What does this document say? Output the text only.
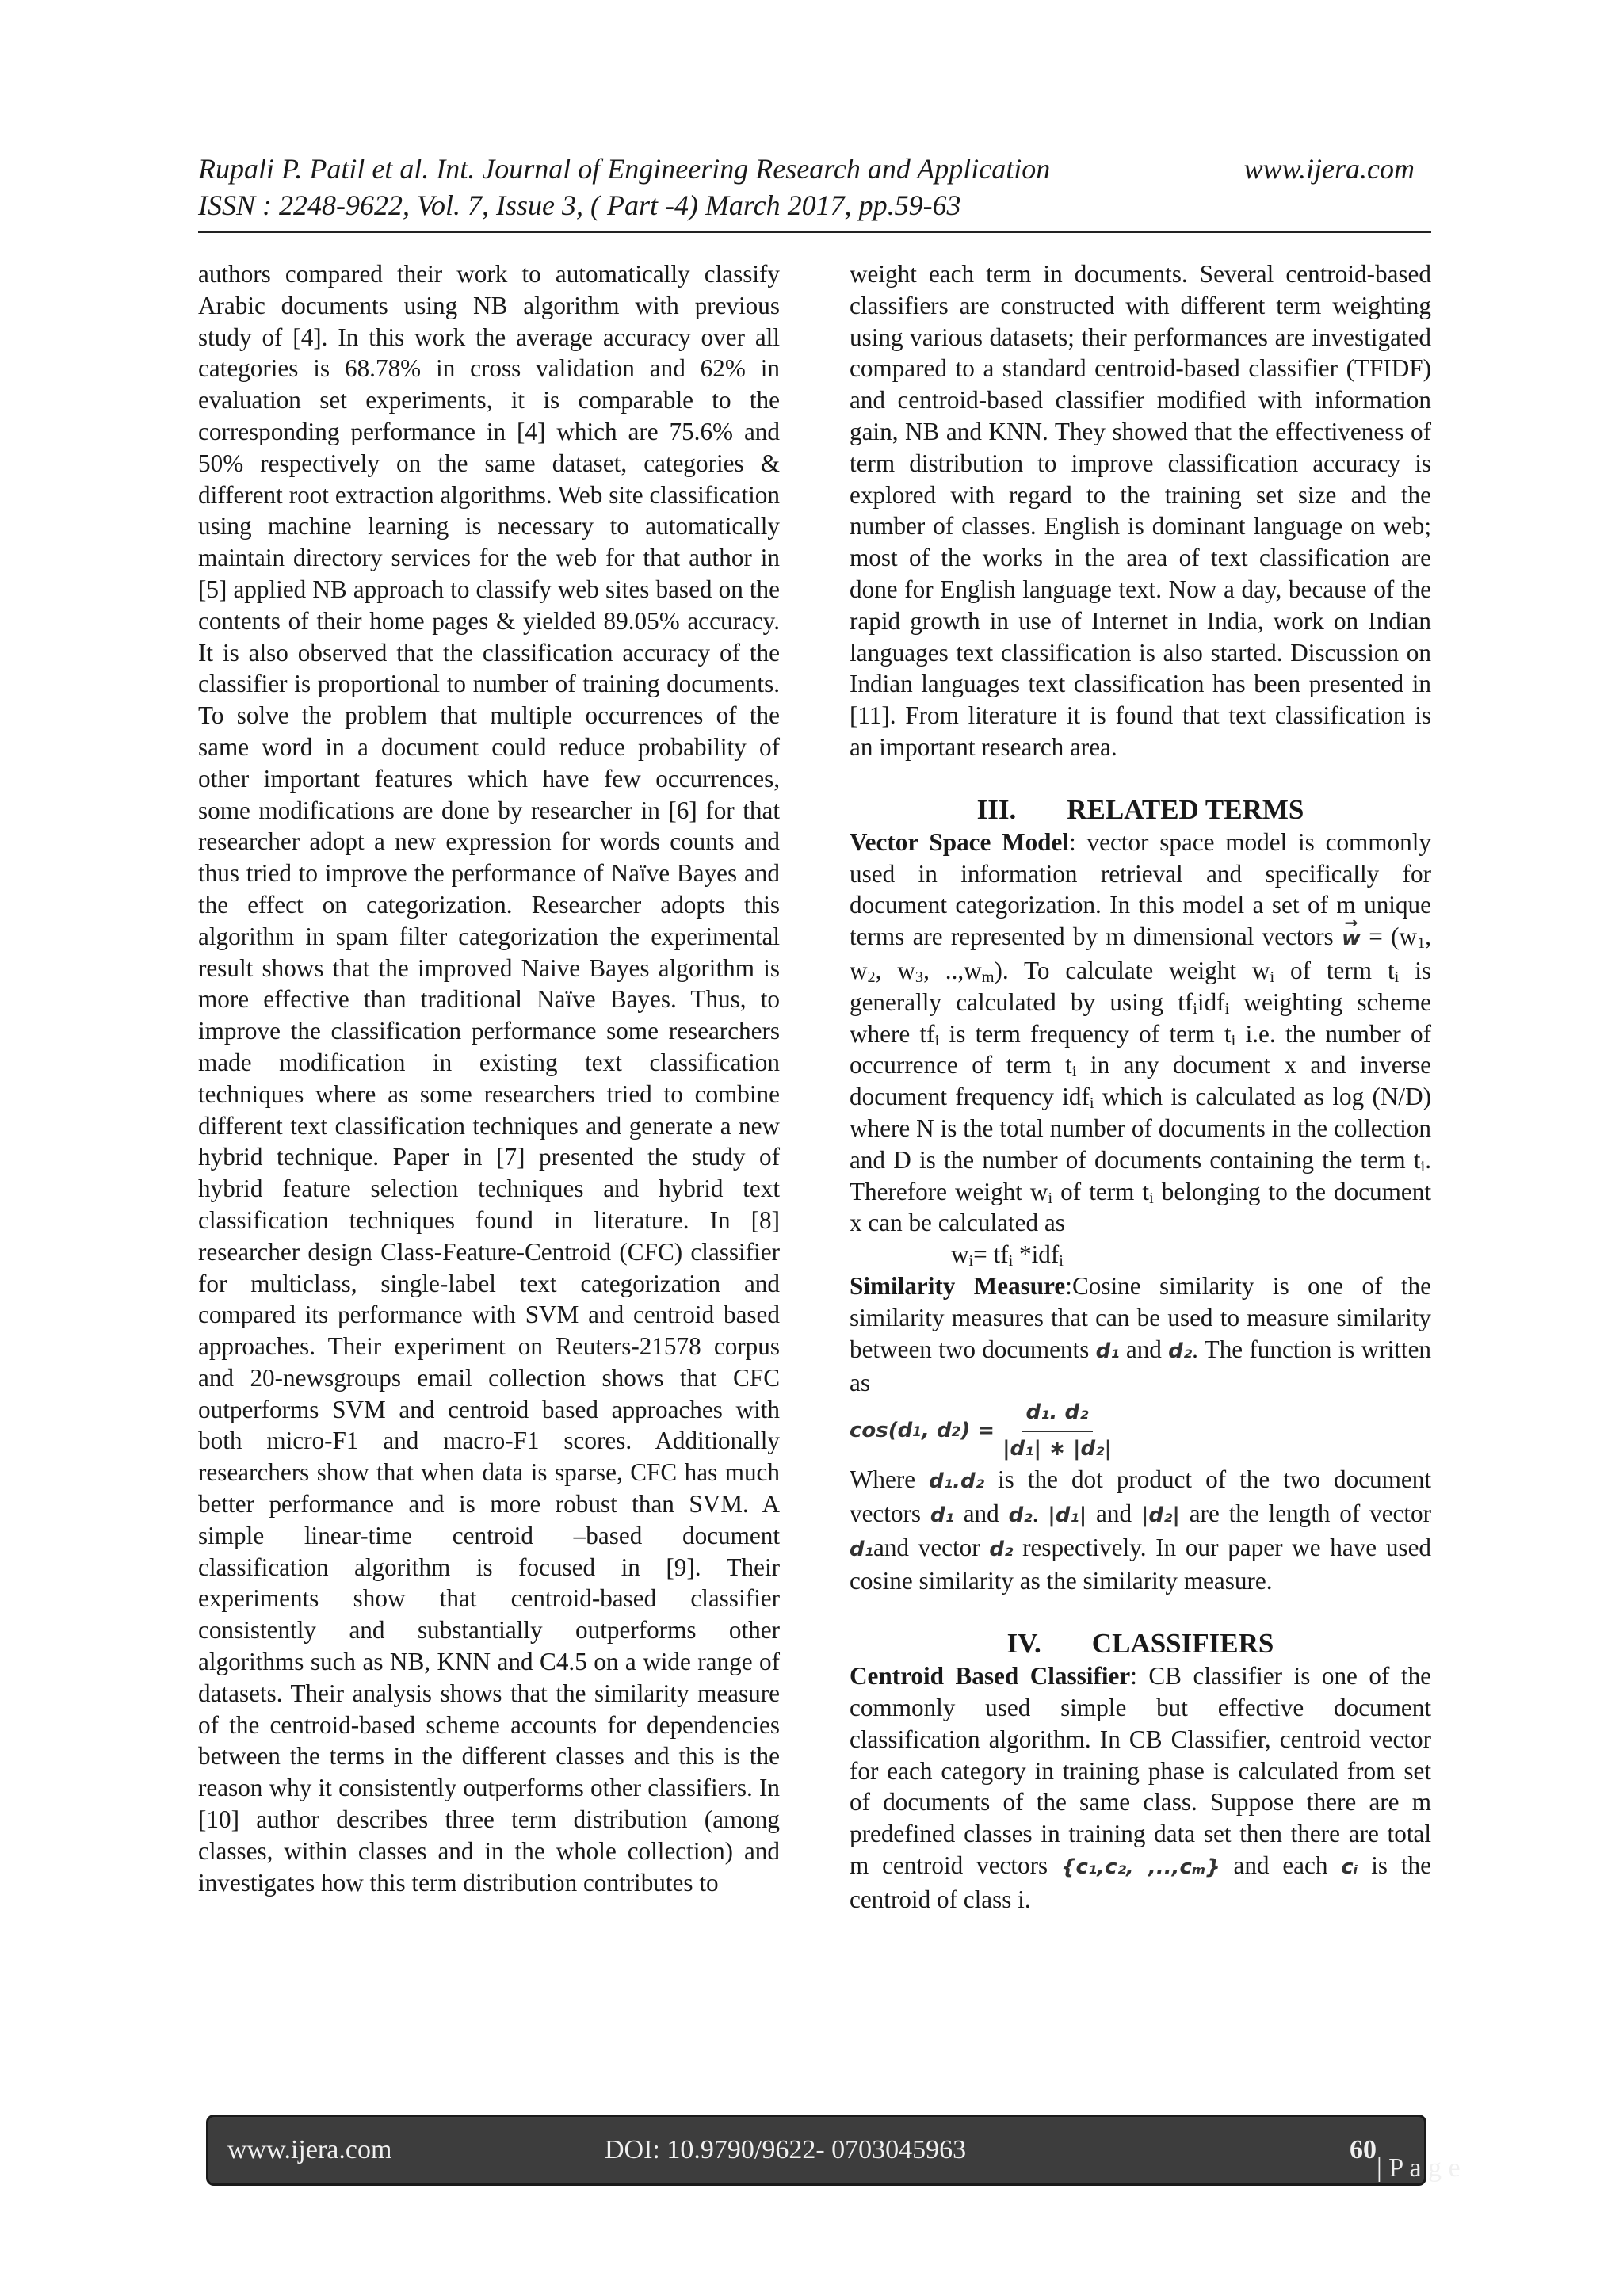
Rupali P. Patil et al. Int. Journal of Engineering Research and Application	www.ijera.com
ISSN : 2248-9622, Vol. 7, Issue 3, ( Part -4) March 2017, pp.59-63

authors compared their work to automatically classify Arabic documents using NB algorithm with previous study of [4]. In this work the average accuracy over all categories is 68.78% in cross validation and 62% in evaluation set experiments, it is comparable to the corresponding performance in [4] which are 75.6% and 50% respectively on the same dataset, categories & different root extraction algorithms. Web site classification using machine learning is necessary to automatically maintain directory services for the web for that author in [5] applied NB approach to classify web sites based on the contents of their home pages & yielded 89.05% accuracy. It is also observed that the classification accuracy of the classifier is proportional to number of training documents. To solve the problem that multiple occurrences of the same word in a document could reduce probability of other important features which have few occurrences, some modifications are done by researcher in [6] for that researcher adopt a new expression for words counts and thus tried to improve the performance of Naïve Bayes and the effect on categorization. Researcher adopts this algorithm in spam filter categorization the experimental result shows that the improved Naive Bayes algorithm is more effective than traditional Naïve Bayes. Thus, to improve the classification performance some researchers made modification in existing text classification techniques where as some researchers tried to combine different text classification techniques and generate a new hybrid technique. Paper in [7] presented the study of hybrid feature selection techniques and hybrid text classification techniques found in literature. In [8] researcher design Class-Feature-Centroid (CFC) classifier for multiclass, single-label text categorization and compared its performance with SVM and centroid based approaches. Their experiment on Reuters-21578 corpus and 20-newsgroups email collection shows that CFC outperforms SVM and centroid based approaches with both micro-F1 and macro-F1 scores. Additionally researchers show that when data is sparse, CFC has much better performance and is more robust than SVM. A simple linear-time centroid –based document classification algorithm is focused in [9]. Their experiments show that centroid-based classifier consistently and substantially outperforms other algorithms such as NB, KNN and C4.5 on a wide range of datasets. Their analysis shows that the similarity measure of the centroid-based scheme accounts for dependencies between the terms in the different classes and this is the reason why it consistently outperforms other classifiers. In [10] author describes three term distribution (among classes, within classes and in the whole collection) and investigates how this term distribution contributes to

weight each term in documents. Several centroid-based classifiers are constructed with different term weighting using various datasets; their performances are investigated compared to a standard centroid-based classifier (TFIDF) and centroid-based classifier modified with information gain, NB and KNN. They showed that the effectiveness of term distribution to improve classification accuracy is explored with regard to the training set size and the number of classes. English is dominant language on web; most of the works in the area of text classification are done for English language text. Now a day, because of the rapid growth in use of Internet in India, work on Indian languages text classification is also started. Discussion on Indian languages text classification has been presented in [11]. From literature it is found that text classification is an important research area.

III. RELATED TERMS

Vector Space Model: vector space model is commonly used in information retrieval and specifically for document categorization. In this model a set of m unique terms are represented by m dimensional vectors → $w = (w_1$, $w_2$, $w_3$, $..,w_m$). To calculate weight $w_i$ of term $t_i$ is generally calculated by using $tf_iidf_i$ weighting scheme where $tf_i$ is term frequency of term $t_i$ i.e. the number of occurrence of term $t_i$ in any document x and inverse document frequency idf$_i$ which is calculated as log (N/D) where N is the total number of documents in the collection and D is the number of documents containing the term $t_i$. Therefore weight $w_i$ of term $t_i$ belonging to the document x can be calculated as

$w_i= tf_i$ *idf$_i$

Similarity Measure:Cosine similarity is one of the similarity measures that can be used to measure similarity between two documents d₁ and d₂. The function is written as

cos(d 1 , d 2 ) = $\frac{\text{d₁. d₂}}{\text{|d₁| ∗ |d₂|}}$

Where d₁.d₂ is the dot product of the two document vectors d₁ and d₂. |d₁| and |d₂| are the length of vector d₁and vector d₂ respectively. In our paper we have used cosine similarity as the similarity measure.

IV. CLASSIFIERS

Centroid Based Classifier: CB classifier is one of the commonly used simple but effective document classification algorithm. In CB Classifier, centroid vector for each category in training phase is calculated from set of documents of the same class. Suppose there are m predefined classes in training data set then there are total m centroid vectors {c₁,c₂, ,..,cₘ} and each cᵢ is the centroid of class i.

www.ijera.com	DOI: 10.9790/9622- 0703045963	60
| P a g e
